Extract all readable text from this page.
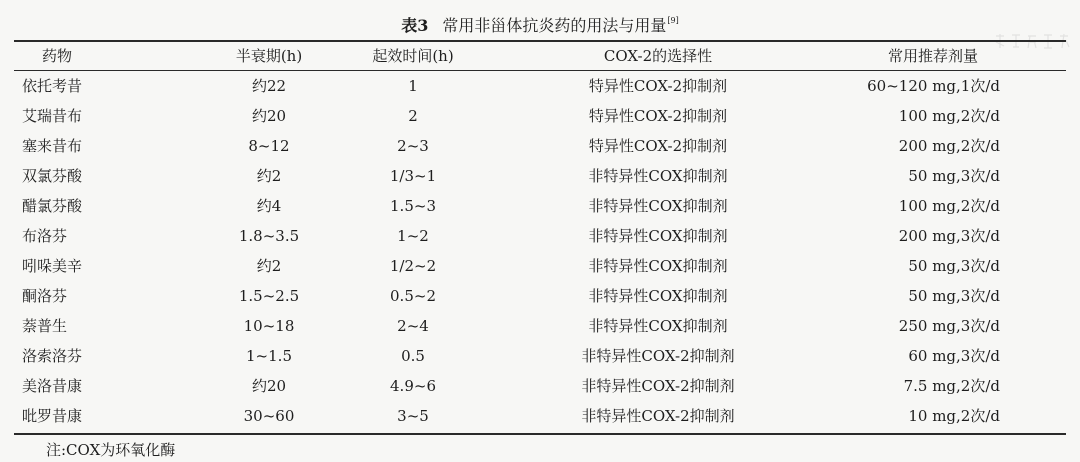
表3 常用非甾体抗炎药的用法与用量[9]
药物	半衰期(h)	起效时间(h)	COX-2的选择性	常用推荐剂量
依托考昔	约22	1	特异性COX-2抑制剂	60~120 mg,1次/d
艾瑞昔布	约20	2	特异性COX-2抑制剂	100 mg,2次/d
塞来昔布	8~12	2~3	特异性COX-2抑制剂	200 mg,2次/d
双氯芬酸	约2	1/3~1	非特异性COX抑制剂	50 mg,3次/d
醋氯芬酸	约4	1.5~3	非特异性COX抑制剂	100 mg,2次/d
布洛芬	1.8~3.5	1~2	非特异性COX抑制剂	200 mg,3次/d
吲哚美辛	约2	1/2~2	非特异性COX抑制剂	50 mg,3次/d
酮洛芬	1.5~2.5	0.5~2	非特异性COX抑制剂	50 mg,3次/d
萘普生	10~18	2~4	非特异性COX抑制剂	250 mg,3次/d
洛索洛芬	1~1.5	0.5	非特异性COX-2抑制剂	60 mg,3次/d
美洛昔康	约20	4.9~6	非特异性COX-2抑制剂	7.5 mg,2次/d
吡罗昔康	30~60	3~5	非特异性COX-2抑制剂	10 mg,2次/d
注:COX为环氧化酶
